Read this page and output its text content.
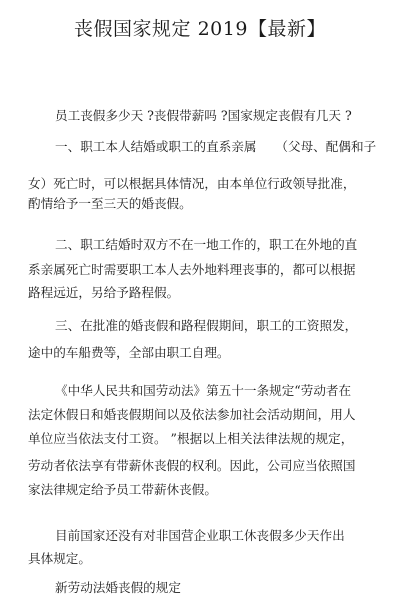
丧假国家规定 2019【最新】
员工丧假多少天 ?丧假带薪吗 ?国家规定丧假有几天 ?
一、职工本人结婚或职工的直系亲属　　（父母、配偶和子
女）死亡时，可以根据具体情况，由本单位行政领导批准，
酌情给予一至三天的婚丧假。
二、职工结婚时双方不在一地工作的，职工在外地的直
系亲属死亡时需要职工本人去外地料理丧事的，都可以根据
路程远近，另给予路程假。
三、在批准的婚丧假和路程假期间，职工的工资照发，
途中的车船费等，全部由职工自理。
《中华人民共和国劳动法》第五十一条规定“劳动者在
法定休假日和婚丧假期间以及依法参加社会活动期间，用人
单位应当依法支付工资。 ”根据以上相关法律法规的规定，
劳动者依法享有带薪休丧假的权利。因此，公司应当依照国
家法律规定给予员工带薪休丧假。
目前国家还没有对非国营企业职工休丧假多少天作出
具体规定。
新劳动法婚丧假的规定
